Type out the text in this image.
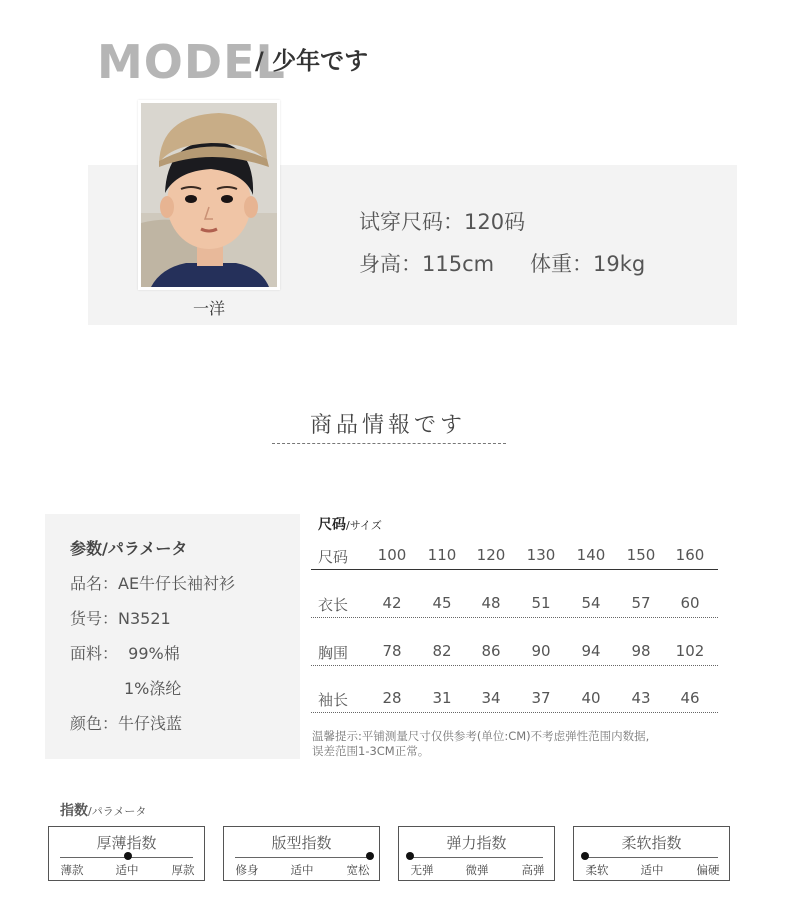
MODEL
/ 少年です
一洋
试穿尺码：120码
身高：115cm 体重：19kg
商品情報です
参数/パラメータ
品名：AE牛仔长袖衬衫
货号：N3521
面料：  99%棉
1%涤纶
颜色：牛仔浅蓝
尺码/サイズ
尺码	100	110	120	130	140	150	160
衣长	42	45	48	51	54	57	60
胸围	78	82	86	90	94	98	102
袖长	28	31	34	37	40	43	46
温馨提示:平铺测量尺寸仅供参考(单位:CM)不考虑弹性范围内数据,
误差范围1-3CM正常。
指数/パラメータ
厚薄指数
薄款	适中	厚款
版型指数
修身	适中	宽松
弹力指数
无弹	微弹	高弹
柔软指数
柔软	适中	偏硬
